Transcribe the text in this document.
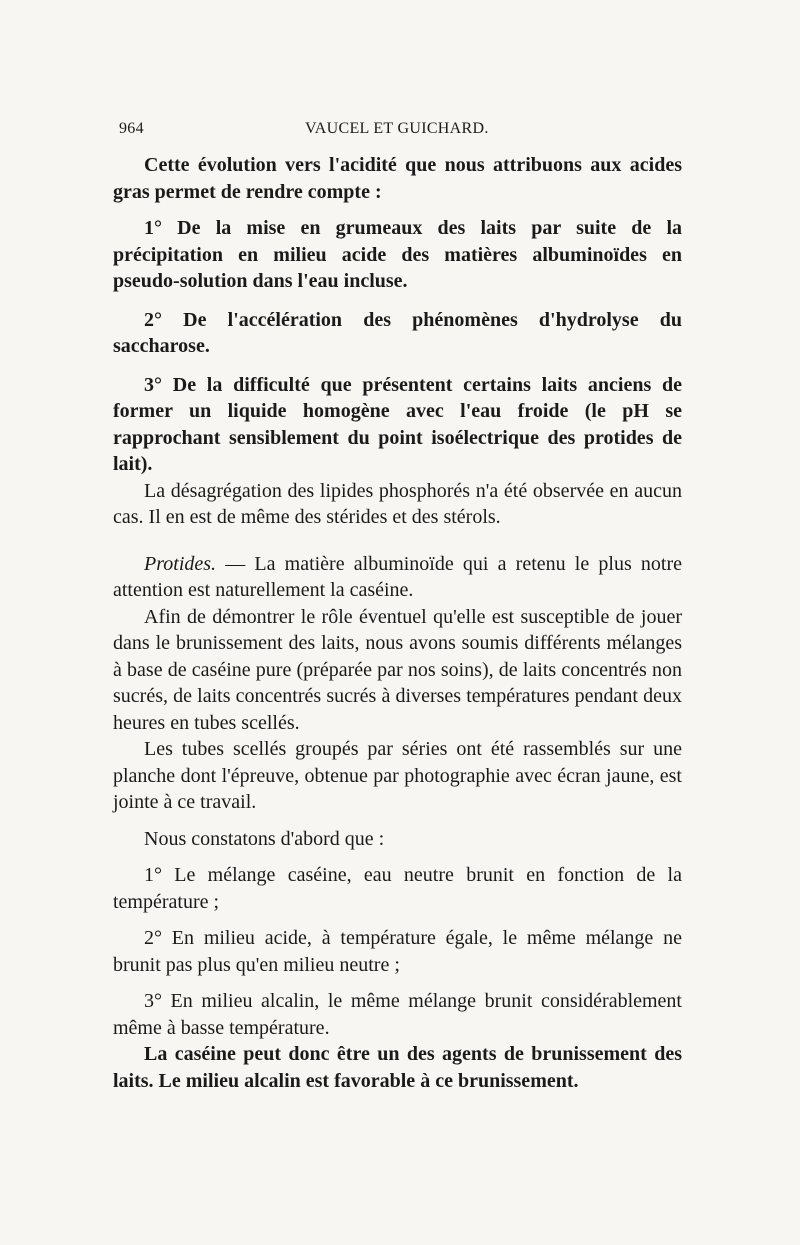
964	VAUCEL ET GUICHARD.

Cette évolution vers l'acidité que nous attribuons aux acides gras permet de rendre compte :

1° De la mise en grumeaux des laits par suite de la précipitation en milieu acide des matières albuminoïdes en pseudo-solution dans l'eau incluse.

2° De l'accélération des phénomènes d'hydrolyse du saccharose.

3° De la difficulté que présentent certains laits anciens de former un liquide homogène avec l'eau froide (le pH se rapprochant sensiblement du point isoélectrique des protides de lait).

La désagrégation des lipides phosphorés n'a été observée en aucun cas. Il en est de même des stérides et des stérols.

Protides. — La matière albuminoïde qui a retenu le plus notre attention est naturellement la caséine.

Afin de démontrer le rôle éventuel qu'elle est susceptible de jouer dans le brunissement des laits, nous avons soumis différents mélanges à base de caséine pure (préparée par nos soins), de laits concentrés non sucrés, de laits concentrés sucrés à diverses températures pendant deux heures en tubes scellés.

Les tubes scellés groupés par séries ont été rassemblés sur une planche dont l'épreuve, obtenue par photographie avec écran jaune, est jointe à ce travail.

Nous constatons d'abord que :

1° Le mélange caséine, eau neutre brunit en fonction de la température ;

2° En milieu acide, à température égale, le même mélange ne brunit pas plus qu'en milieu neutre ;

3° En milieu alcalin, le même mélange brunit considérablement même à basse température.

La caséine peut donc être un des agents de brunissement des laits. Le milieu alcalin est favorable à ce brunissement.
